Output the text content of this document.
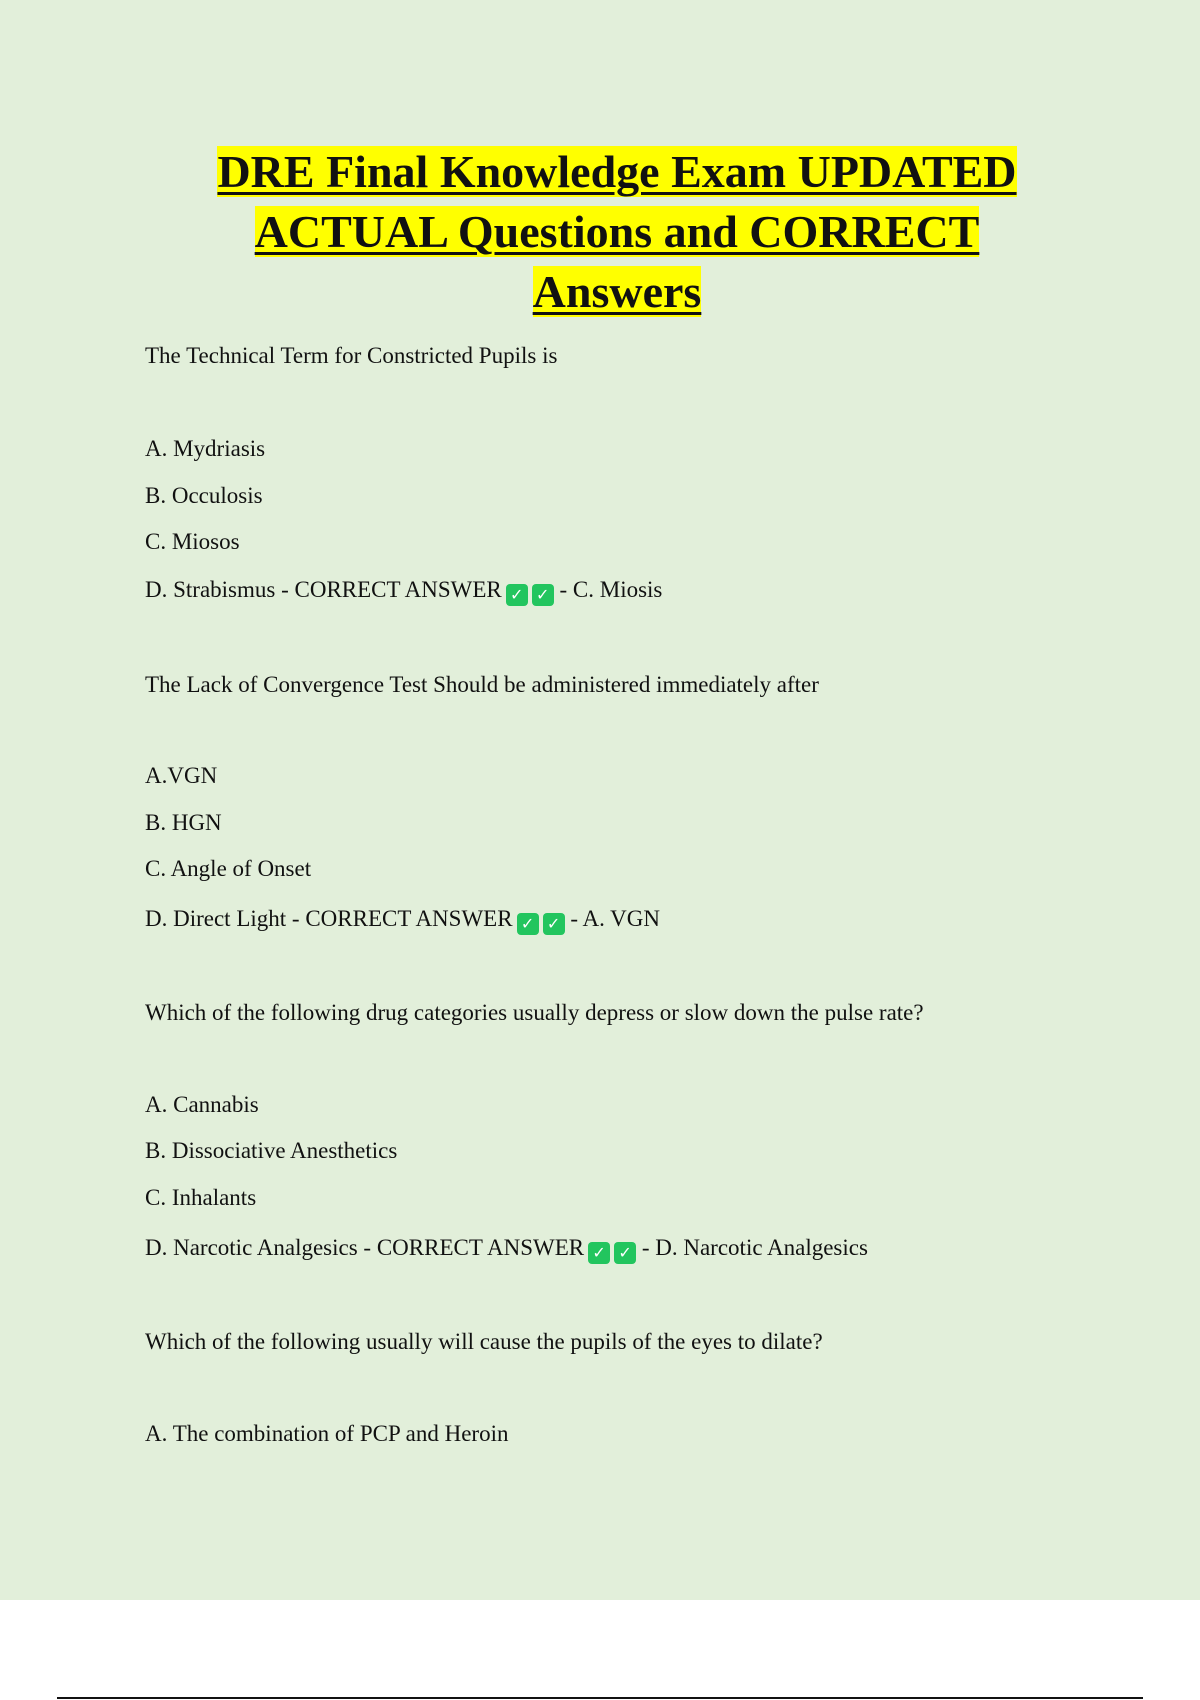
DRE Final Knowledge Exam UPDATED
ACTUAL Questions and CORRECT
Answers

The Technical Term for Constricted Pupils is

A. Mydriasis

B. Occulosis

C. Miosos

D. Strabismus - CORRECT ANSWER ✓ ✓ - C. Miosis

The Lack of Convergence Test Should be administered immediately after

A.VGN

B. HGN

C. Angle of Onset

D. Direct Light - CORRECT ANSWER ✓ ✓ - A. VGN

Which of the following drug categories usually depress or slow down the pulse rate?

A. Cannabis

B. Dissociative Anesthetics

C. Inhalants

D. Narcotic Analgesics - CORRECT ANSWER ✓ ✓ - D. Narcotic Analgesics

Which of the following usually will cause the pupils of the eyes to dilate?

A. The combination of PCP and Heroin
